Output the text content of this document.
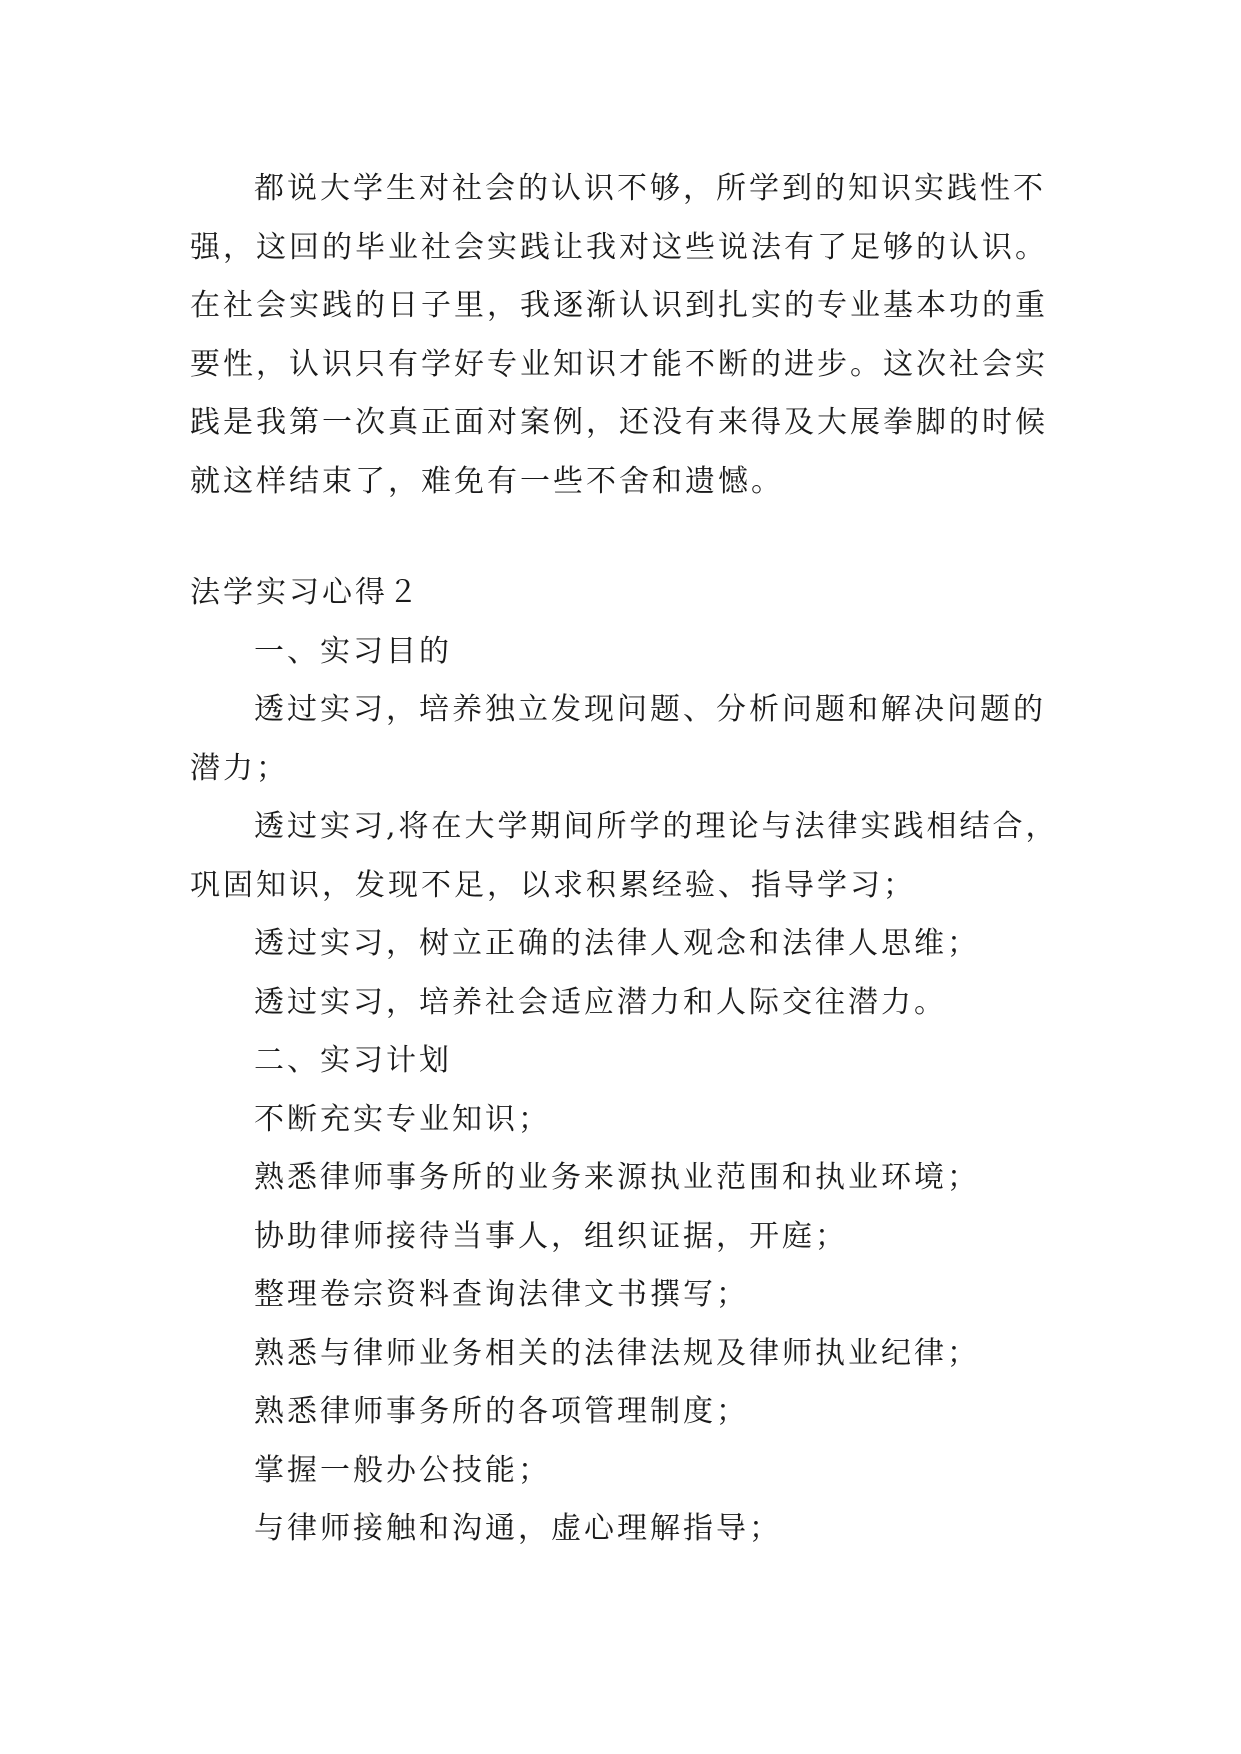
都说大学生对社会的认识不够，所学到的知识实践性不强，这回的毕业社会实践让我对这些说法有了足够的认识。在社会实践的日子里，我逐渐认识到扎实的专业基本功的重要性，认识只有学好专业知识才能不断的进步。这次社会实践是我第一次真正面对案例，还没有来得及大展拳脚的时候就这样结束了，难免有一些不舍和遗憾。

法学实习心得２

一、实习目的

透过实习，培养独立发现问题、分析问题和解决问题的潜力；

透过实习,将在大学期间所学的理论与法律实践相结合，巩固知识，发现不足，以求积累经验、指导学习；

透过实习，树立正确的法律人观念和法律人思维；

透过实习，培养社会适应潜力和人际交往潜力。

二、实习计划

不断充实专业知识；

熟悉律师事务所的业务来源执业范围和执业环境；

协助律师接待当事人，组织证据，开庭；

整理卷宗资料查询法律文书撰写；

熟悉与律师业务相关的法律法规及律师执业纪律；

熟悉律师事务所的各项管理制度；

掌握一般办公技能；

与律师接触和沟通，虚心理解指导；
